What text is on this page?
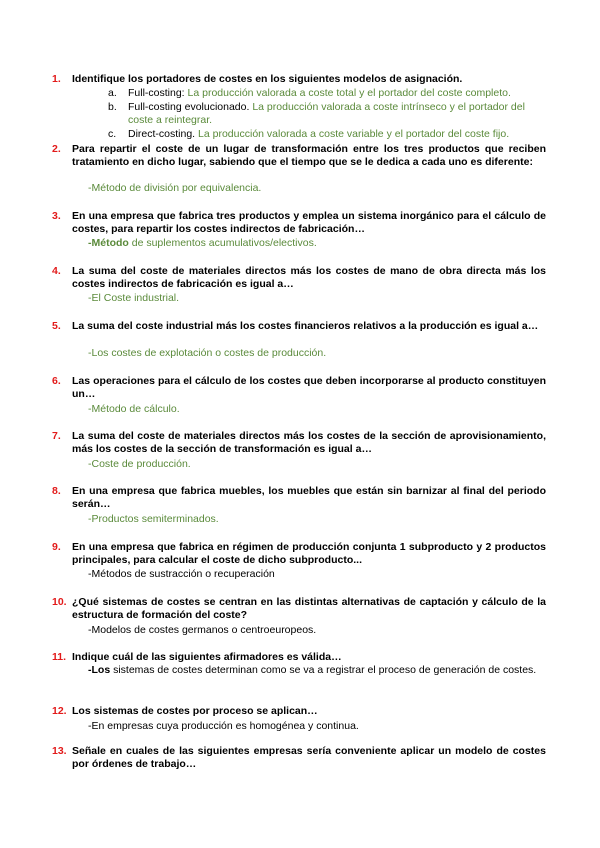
1. Identifique los portadores de costes en los siguientes modelos de asignación.
a. Full-costing: La producción valorada a coste total y el portador del coste completo.
b. Full-costing evolucionado. La producción valorada a coste intrínseco y el portador del
coste a reintegrar.
c. Direct-costing. La producción valorada a coste variable y el portador del coste fijo.
2. Para repartir el coste de un lugar de transformación entre los tres productos que reciben tratamiento en dicho lugar, sabiendo que el tiempo que se le dedica a cada uno es diferente:
-Método de división por equivalencia.
3. En una empresa que fabrica tres productos y emplea un sistema inorgánico para el cálculo de costes, para repartir los costes indirectos de fabricación…
-Método de suplementos acumulativos/electivos.
4. La suma del coste de materiales directos más los costes de mano de obra directa más los costes indirectos de fabricación es igual a…
-El Coste industrial.
5. La suma del coste industrial más los costes financieros relativos a la producción es igual a…
-Los costes de explotación o costes de producción.
6. Las operaciones para el cálculo de los costes que deben incorporarse al producto constituyen un…
-Método de cálculo.
7. La suma del coste de materiales directos más los costes de la sección de aprovisionamiento, más los costes de la sección de transformación es igual a…
-Coste de producción.
8. En una empresa que fabrica muebles, los muebles que están sin barnizar al final del periodo serán…
-Productos semiterminados.
9. En una empresa que fabrica en régimen de producción conjunta 1 subproducto y 2 productos principales, para calcular el coste de dicho subproducto...
-Métodos de sustracción o recuperación
10. ¿Qué sistemas de costes se centran en las distintas alternativas de captación y cálculo de la estructura de formación del coste?
-Modelos de costes germanos o centroeuropeos.
11. Indique cuál de las siguientes afirmadores es válida…
-Los sistemas de costes determinan como se va a registrar el proceso de generación de costes.
12. Los sistemas de costes por proceso se aplican…
-En empresas cuya producción es homogénea y continua.
13. Señale en cuales de las siguientes empresas sería conveniente aplicar un modelo de costes por órdenes de trabajo…
